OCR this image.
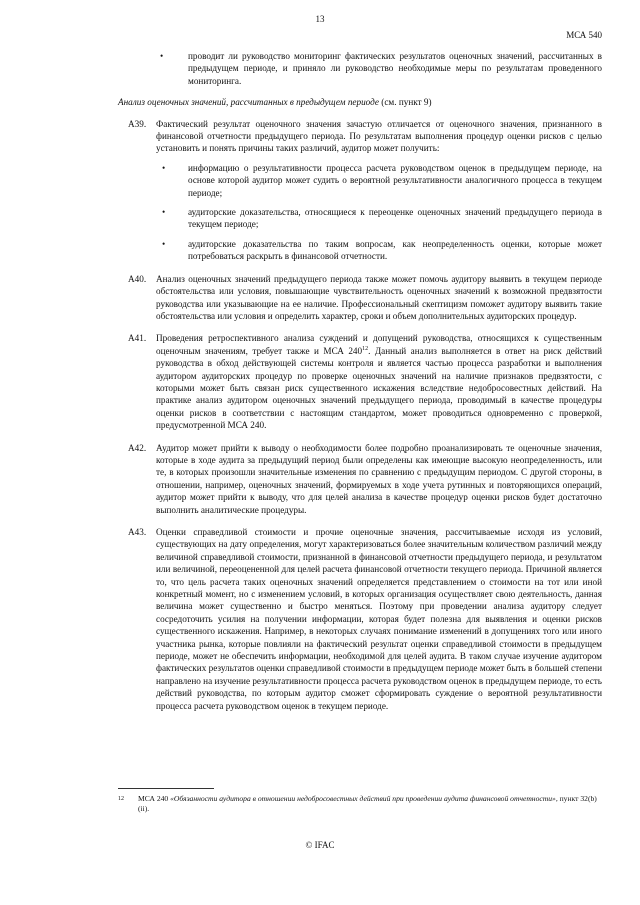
13
МСА 540
•	проводит ли руководство мониторинг фактических результатов оценочных значений, рассчитанных в предыдущем периоде, и приняло ли руководство необходимые меры по результатам проведенного мониторинга.
Анализ оценочных значений, рассчитанных в предыдущем периоде (см. пункт 9)
A39. Фактический результат оценочного значения зачастую отличается от оценочного значения, признанного в финансовой отчетности предыдущего периода. По результатам выполнения процедур оценки рисков с целью установить и понять причины таких различий, аудитор может получить:
• информацию о результативности процесса расчета руководством оценок в предыдущем периоде, на основе которой аудитор может судить о вероятной результативности аналогичного процесса в текущем периоде;
• аудиторские доказательства, относящиеся к переоценке оценочных значений предыдущего периода в текущем периоде;
• аудиторские доказательства по таким вопросам, как неопределенность оценки, которые может потребоваться раскрыть в финансовой отчетности.
A40. Анализ оценочных значений предыдущего периода также может помочь аудитору выявить в текущем периоде обстоятельства или условия, повышающие чувствительность оценочных значений к возможной предвзятости руководства или указывающие на ее наличие. Профессиональный скептицизм поможет аудитору выявить такие обстоятельства или условия и определить характер, сроки и объем дополнительных аудиторских процедур.
A41. Проведения ретроспективного анализа суждений и допущений руководства, относящихся к существенным оценочным значениям, требует также и МСА $240^{12}$. Данный анализ выполняется в ответ на риск действий руководства в обход действующей системы контроля и является частью процесса разработки и выполнения аудитором аудиторских процедур по проверке оценочных значений на наличие признаков предвзятости, с которыми может быть связан риск существенного искажения вследствие недобросовестных действий. На практике анализ аудитором оценочных значений предыдущего периода, проводимый в качестве процедуры оценки рисков в соответствии с настоящим стандартом, может проводиться одновременно с проверкой, предусмотренной МСА 240.
A42. Аудитор может прийти к выводу о необходимости более подробно проанализировать те оценочные значения, которые в ходе аудита за предыдущий период были определены как имеющие высокую неопределенность, или те, в которых произошли значительные изменения по сравнению с предыдущим периодом. С другой стороны, в отношении, например, оценочных значений, формируемых в ходе учета рутинных и повторяющихся операций, аудитор может прийти к выводу, что для целей анализа в качестве процедур оценки рисков будет достаточно выполнить аналитические процедуры.
A43. Оценки справедливой стоимости и прочие оценочные значения, рассчитываемые исходя из условий, существующих на дату определения, могут характеризоваться более значительным количеством различий между величиной справедливой стоимости, признанной в финансовой отчетности предыдущего периода, и результатом или величиной, переоцененной для целей расчета финансовой отчетности текущего периода. Причиной является то, что цель расчета таких оценочных значений определяется представлением о стоимости на тот или иной конкретный момент, но с изменением условий, в которых организация осуществляет свою деятельность, данная величина может существенно и быстро меняться. Поэтому при проведении анализа аудитору следует сосредоточить усилия на получении информации, которая будет полезна для выявления и оценки рисков существенного искажения. Например, в некоторых случаях понимание изменений в допущениях того или иного участника рынка, которые повлияли на фактический результат оценки справедливой стоимости в предыдущем периоде, может не обеспечить информации, необходимой для целей аудита. В таком случае изучение аудитором фактических результатов оценки справедливой стоимости в предыдущем периоде может быть в большей степени направлено на изучение результативности процесса расчета руководством оценок в предыдущем периоде, то есть действий руководства, по которым аудитор сможет сформировать суждение о вероятной результативности процесса расчета руководством оценок в текущем периоде.
12	МСА 240 «Обязанности аудитора в отношении недобросовестных действий при проведении аудита финансовой отчетности», пункт 32(b)(ii).
© IFAC
